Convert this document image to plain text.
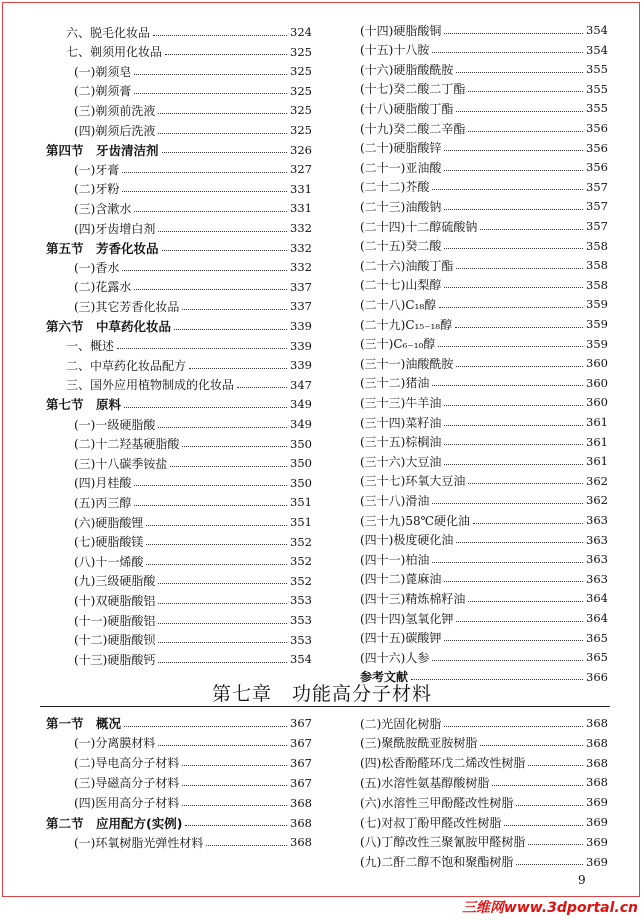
六、脱毛化妆品	324
七、剃须用化妆品	325
(一)剃须皂	325
(二)剃须膏	325
(三)剃须前洗液	325
(四)剃须后洗液	325
第四节　牙齿清洁剂	326
(一)牙膏	327
(二)牙粉	331
(三)含漱水	331
(四)牙齿增白剂	332
第五节　芳香化妆品	332
(一)香水	332
(二)花露水	337
(三)其它芳香化妆品	337
第六节　中草药化妆品	339
一、概述	339
二、中草药化妆品配方	339
三、国外应用植物制成的化妆品	347
第七节　原料	349
(一)一级硬脂酸	349
(二)十二羟基硬脂酸	350
(三)十八碳季铵盐	350
(四)月桂酸	350
(五)丙三醇	351
(六)硬脂酸锂	351
(七)硬脂酸镁	352
(八)十一烯酸	352
(九)三级硬脂酸	352
(十)双硬脂酸铝	353
(十一)硬脂酸铝	353
(十二)硬脂酸钡	353
(十三)硬脂酸钙	354
(十四)硬脂酸铜	354
(十五)十八胺	354
(十六)硬脂酸酰胺	355
(十七)癸二酸二丁酯	355
(十八)硬脂酸丁酯	355
(十九)癸二酸二辛酯	356
(二十)硬脂酸锌	356
(二十一)亚油酸	356
(二十二)芥酸	357
(二十三)油酸钠	357
(二十四)十二醇硫酸钠	357
(二十五)癸二酸	358
(二十六)油酸丁酯	358
(二十七)山梨醇	358
(二十八)C₁₈醇	359
(二十九)C₁₅₋₁₈醇	359
(三十)C₆₋₁₀醇	359
(三十一)油酸酰胺	360
(三十二)猪油	360
(三十三)牛羊油	360
(三十四)菜籽油	361
(三十五)棕榈油	361
(三十六)大豆油	361
(三十七)环氧大豆油	362
(三十八)滑油	362
(三十九)58℃硬化油	363
(四十)极度硬化油	363
(四十一)柏油	363
(四十二)蓖麻油	363
(四十三)精炼棉籽油	364
(四十四)氢氧化钾	364
(四十五)碳酸钾	365
(四十六)人参	365
参考文献	366
第七章　功能高分子材料
第一节　概况	367
(一)分离膜材料	367
(二)导电高分子材料	367
(三)导磁高分子材料	367
(四)医用高分子材料	368
第二节　应用配方(实例)	368
(一)环氧树脂光弹性材料	368
(二)光固化树脂	368
(三)聚酰胺酰亚胺树脂	368
(四)松香酚醛环戊二烯改性树脂	368
(五)水溶性氨基醇酸树脂	368
(六)水溶性三甲酚醛改性树脂	369
(七)对叔丁酚甲醛改性树脂	369
(八)丁醇改性三聚氰胺甲醛树脂	369
(九)二酐二醇不饱和聚酯树脂	369
9
三维网www.3dportal.cn
